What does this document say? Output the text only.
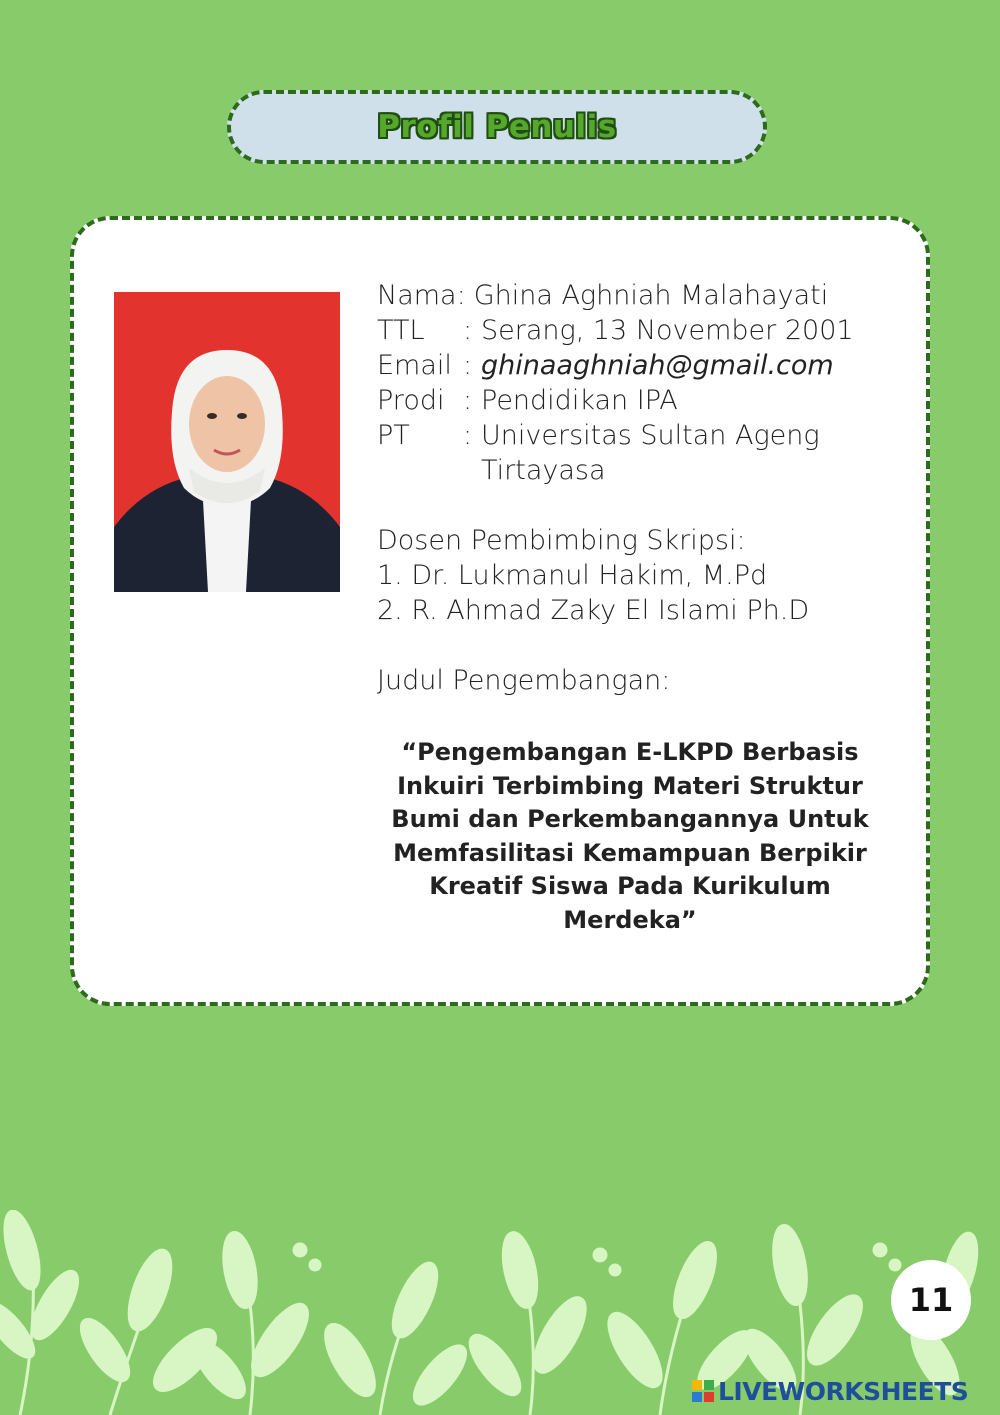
Profil Penulis
Nama: Ghina Aghniah Malahayati
TTL	: Serang, 13 November 2001
Email : ghinaaghniah@gmail.com
Prodi : Pendidikan IPA
PT	: Universitas Sultan Ageng
Tirtayasa
Dosen Pembimbing Skripsi:
1. Dr. Lukmanul Hakim, M.Pd
2. R. Ahmad Zaky El Islami Ph.D
Judul Pengembangan:
“Pengembangan E-LKPD Berbasis Inkuiri Terbimbing Materi Struktur Bumi dan Perkembangannya Untuk Memfasilitasi Kemampuan Berpikir Kreatif Siswa Pada Kurikulum Merdeka”
11
LIVEWORKSHEETS
